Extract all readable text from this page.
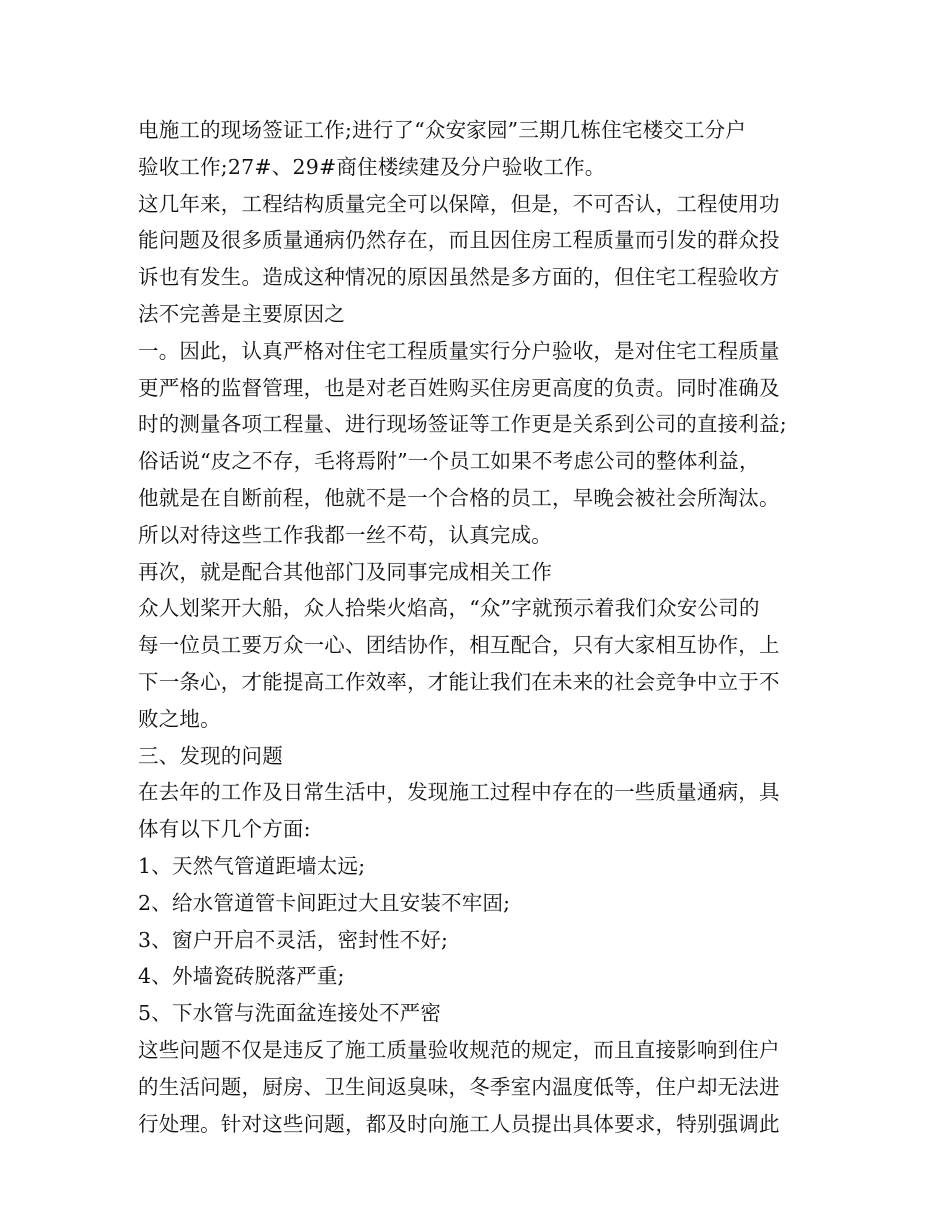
电施工的现场签证工作;进行了“众安家园”三期几栋住宅楼交工分户
验收工作;27#、29#商住楼续建及分户验收工作。
这几年来，工程结构质量完全可以保障，但是，不可否认，工程使用功
能问题及很多质量通病仍然存在，而且因住房工程质量而引发的群众投
诉也有发生。造成这种情况的原因虽然是多方面的，但住宅工程验收方
法不完善是主要原因之
一。因此，认真严格对住宅工程质量实行分户验收，是对住宅工程质量
更严格的监督管理，也是对老百姓购买住房更高度的负责。同时准确及
时的测量各项工程量、进行现场签证等工作更是关系到公司的直接利益;
俗话说“皮之不存，毛将焉附”一个员工如果不考虑公司的整体利益，
他就是在自断前程，他就不是一个合格的员工，早晚会被社会所淘汰。
所以对待这些工作我都一丝不苟，认真完成。
再次，就是配合其他部门及同事完成相关工作
众人划桨开大船，众人拾柴火焰高，“众”字就预示着我们众安公司的
每一位员工要万众一心、团结协作，相互配合，只有大家相互协作，上
下一条心，才能提高工作效率，才能让我们在未来的社会竞争中立于不
败之地。
三、发现的问题
在去年的工作及日常生活中，发现施工过程中存在的一些质量通病，具
体有以下几个方面:
1、天然气管道距墙太远;
2、给水管道管卡间距过大且安装不牢固;
3、窗户开启不灵活，密封性不好;
4、外墙瓷砖脱落严重;
5、下水管与洗面盆连接处不严密
这些问题不仅是违反了施工质量验收规范的规定，而且直接影响到住户
的生活问题，厨房、卫生间返臭味，冬季室内温度低等，住户却无法进
行处理。针对这些问题，都及时向施工人员提出具体要求，特别强调此
